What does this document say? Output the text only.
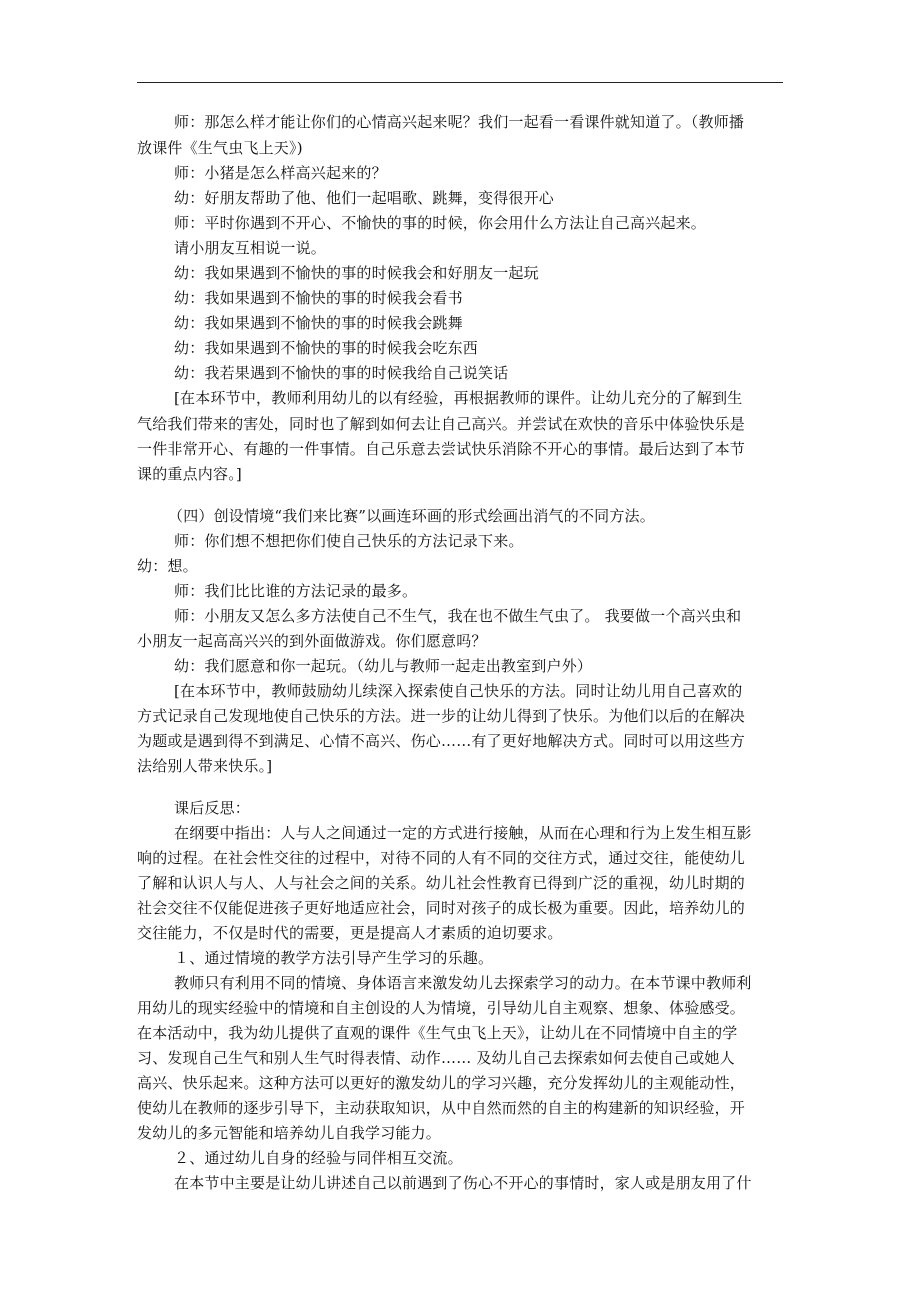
师：那怎么样才能让你们的心情高兴起来呢？我们一起看一看课件就知道了。（教师播
放课件《生气虫飞上天》)
师：小猪是怎么样高兴起来的？
幼：好朋友帮助了他、他们一起唱歌、跳舞，变得很开心
师：平时你遇到不开心、不愉快的事的时候，你会用什么方法让自己高兴起来。
请小朋友互相说一说。
幼：我如果遇到不愉快的事的时候我会和好朋友一起玩
幼：我如果遇到不愉快的事的时候我会看书
幼：我如果遇到不愉快的事的时候我会跳舞
幼：我如果遇到不愉快的事的时候我会吃东西
幼：我若果遇到不愉快的事的时候我给自己说笑话
[在本环节中，教师利用幼儿的以有经验，再根据教师的课件。让幼儿充分的了解到生
气给我们带来的害处，同时也了解到如何去让自己高兴。并尝试在欢快的音乐中体验快乐是
一件非常开心、有趣的一件事情。自己乐意去尝试快乐消除不开心的事情。最后达到了本节
课的重点内容。]
（四）创设情境“我们来比赛”以画连环画的形式绘画出消气的不同方法。
师：你们想不想把你们使自己快乐的方法记录下来。
幼：想。
师：我们比比谁的方法记录的最多。
师：小朋友又怎么多方法使自己不生气，我在也不做生气虫了。 我要做一个高兴虫和
小朋友一起高高兴兴的到外面做游戏。你们愿意吗？
幼：我们愿意和你一起玩。（幼儿与教师一起走出教室到户外）
[在本环节中，教师鼓励幼儿续深入探索使自己快乐的方法。同时让幼儿用自己喜欢的
方式记录自己发现地使自己快乐的方法。进一步的让幼儿得到了快乐。为他们以后的在解决
为题或是遇到得不到满足、心情不高兴、伤心……有了更好地解决方式。同时可以用这些方
法给别人带来快乐。]
课后反思：
在纲要中指出：人与人之间通过一定的方式进行接触，从而在心理和行为上发生相互影
响的过程。在社会性交往的过程中，对待不同的人有不同的交往方式，通过交往，能使幼儿
了解和认识人与人、人与社会之间的关系。幼儿社会性教育已得到广泛的重视，幼儿时期的
社会交往不仅能促进孩子更好地适应社会，同时对孩子的成长极为重要。因此，培养幼儿的
交往能力，不仅是时代的需要，更是提高人才素质的迫切要求。
１、通过情境的教学方法引导产生学习的乐趣。
教师只有利用不同的情境、身体语言来激发幼儿去探索学习的动力。在本节课中教师利
用幼儿的现实经验中的情境和自主创设的人为情境，引导幼儿自主观察、想象、体验感受。
在本活动中，我为幼儿提供了直观的课件《生气虫飞上天》，让幼儿在不同情境中自主的学
习、发现自己生气和别人生气时得表情、动作…… 及幼儿自己去探索如何去使自己或她人
高兴、快乐起来。这种方法可以更好的激发幼儿的学习兴趣，充分发挥幼儿的主观能动性，
使幼儿在教师的逐步引导下，主动获取知识，从中自然而然的自主的构建新的知识经验，开
发幼儿的多元智能和培养幼儿自我学习能力。
２、通过幼儿自身的经验与同伴相互交流。
在本节中主要是让幼儿讲述自己以前遇到了伤心不开心的事情时，家人或是朋友用了什
